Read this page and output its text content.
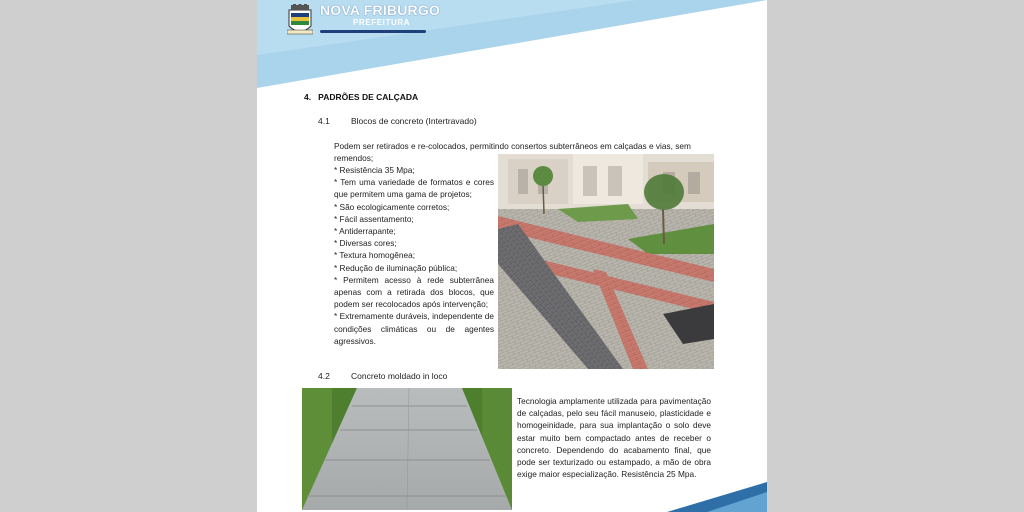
NOVA FRIBURGO
PREFEITURA
4.   PADRÕES DE CALÇADA
4.1 Blocos de concreto (Intertravado)
Podem ser retirados e re-colocados, permitindo consertos subterrâneos em calçadas e vias, sem remendos;
* Resistência 35 Mpa;
* Tem uma variedade de formatos e cores que permitem uma gama de projetos;
* São ecologicamente corretos;
* Fácil assentamento;
* Antiderrapante;
* Diversas cores;
* Textura homogênea;
* Redução de iluminação pública;
* Permitem acesso à rede subterrânea apenas com a retirada dos blocos, que podem ser recolocados após intervenção;
* Extremamente duráveis, independente de condições climáticas ou de agentes agressivos.
4.2 Concreto moldado in loco

Tecnologia amplamente utilizada para pavimentação de calçadas, pelo seu fácil manuseio, plasticidade e homogeinidade, para sua implantação o solo deve estar muito bem compactado antes de receber o concreto. Dependendo do acabamento final, que pode ser texturizado ou estampado, a mão de obra exige maior especialização. Resistência 25 Mpa.
